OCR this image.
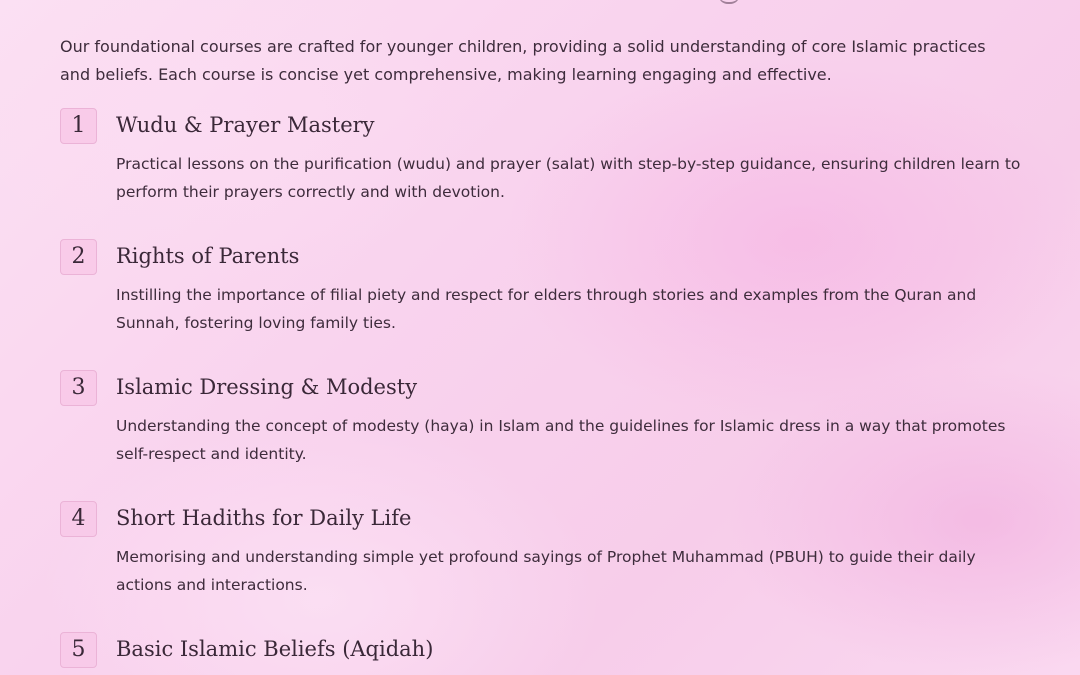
Our foundational courses are crafted for younger children, providing a solid understanding of core Islamic practices and beliefs. Each course is concise yet comprehensive, making learning engaging and effective.

1	Wudu & Prayer Mastery

Practical lessons on the purification (wudu) and prayer (salat) with step-by-step guidance, ensuring children learn to perform their prayers correctly and with devotion.

2	Rights of Parents

Instilling the importance of filial piety and respect for elders through stories and examples from the Quran and Sunnah, fostering loving family ties.

3	Islamic Dressing & Modesty

Understanding the concept of modesty (haya) in Islam and the guidelines for Islamic dress in a way that promotes self-respect and identity.

4	Short Hadiths for Daily Life

Memorising and understanding simple yet profound sayings of Prophet Muhammad (PBUH) to guide their daily actions and interactions.

5	Basic Islamic Beliefs (Aqidah)
